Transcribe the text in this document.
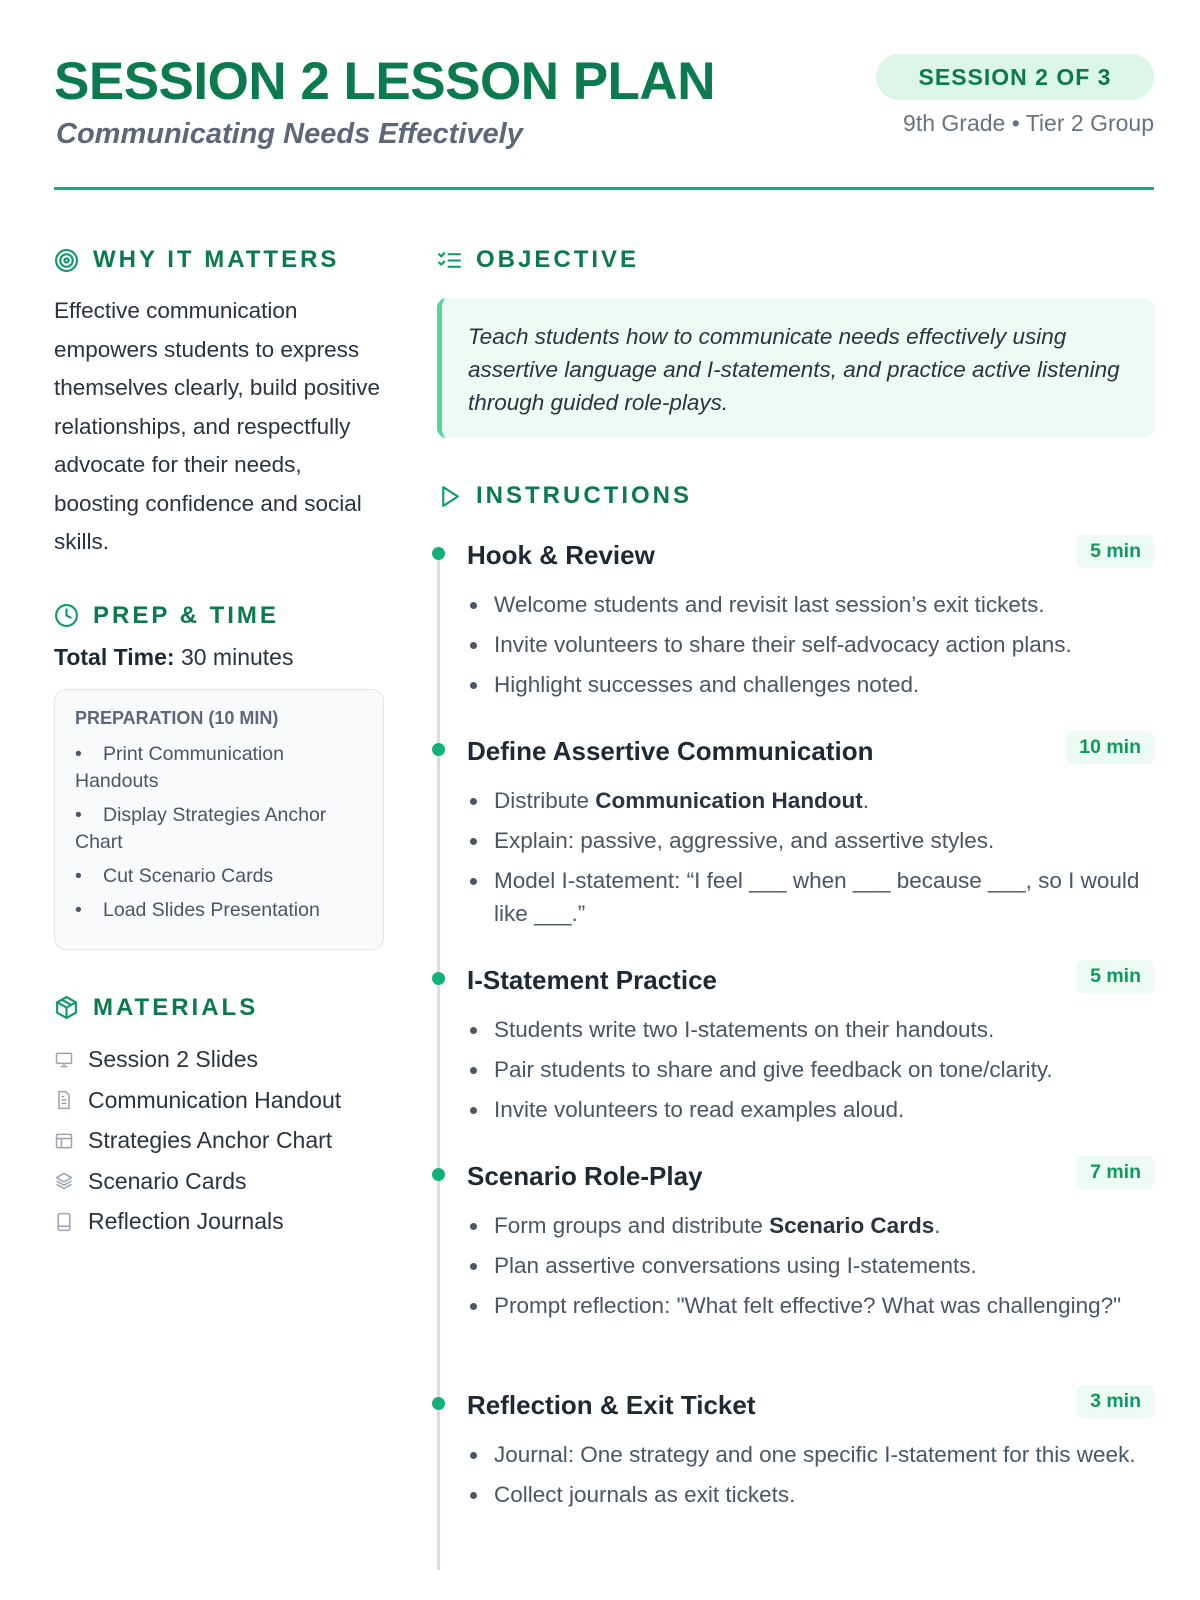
SESSION 2 LESSON PLAN
Communicating Needs Effectively
SESSION 2 OF 3
9th Grade • Tier 2 Group
WHY IT MATTERS
Effective communication empowers students to express themselves clearly, build positive relationships, and respectfully advocate for their needs, boosting confidence and social skills.
PREP & TIME
Total Time: 30 minutes
PREPARATION (10 MIN)
• Print Communication Handouts
• Display Strategies Anchor Chart
• Cut Scenario Cards
• Load Slides Presentation
MATERIALS
Session 2 Slides
Communication Handout
Strategies Anchor Chart
Scenario Cards
Reflection Journals
OBJECTIVE
Teach students how to communicate needs effectively using assertive language and I-statements, and practice active listening through guided role-plays.
INSTRUCTIONS
Hook & Review	5 min
Welcome students and revisit last session’s exit tickets.
Invite volunteers to share their self-advocacy action plans.
Highlight successes and challenges noted.
Define Assertive Communication	10 min
Distribute Communication Handout.
Explain: passive, aggressive, and assertive styles.
Model I-statement: “I feel ___ when ___ because ___, so I would like ___.”
I-Statement Practice	5 min
Students write two I-statements on their handouts.
Pair students to share and give feedback on tone/clarity.
Invite volunteers to read examples aloud.
Scenario Role-Play	7 min
Form groups and distribute Scenario Cards.
Plan assertive conversations using I-statements.
Prompt reflection: "What felt effective? What was challenging?"
Reflection & Exit Ticket	3 min
Journal: One strategy and one specific I-statement for this week.
Collect journals as exit tickets.
